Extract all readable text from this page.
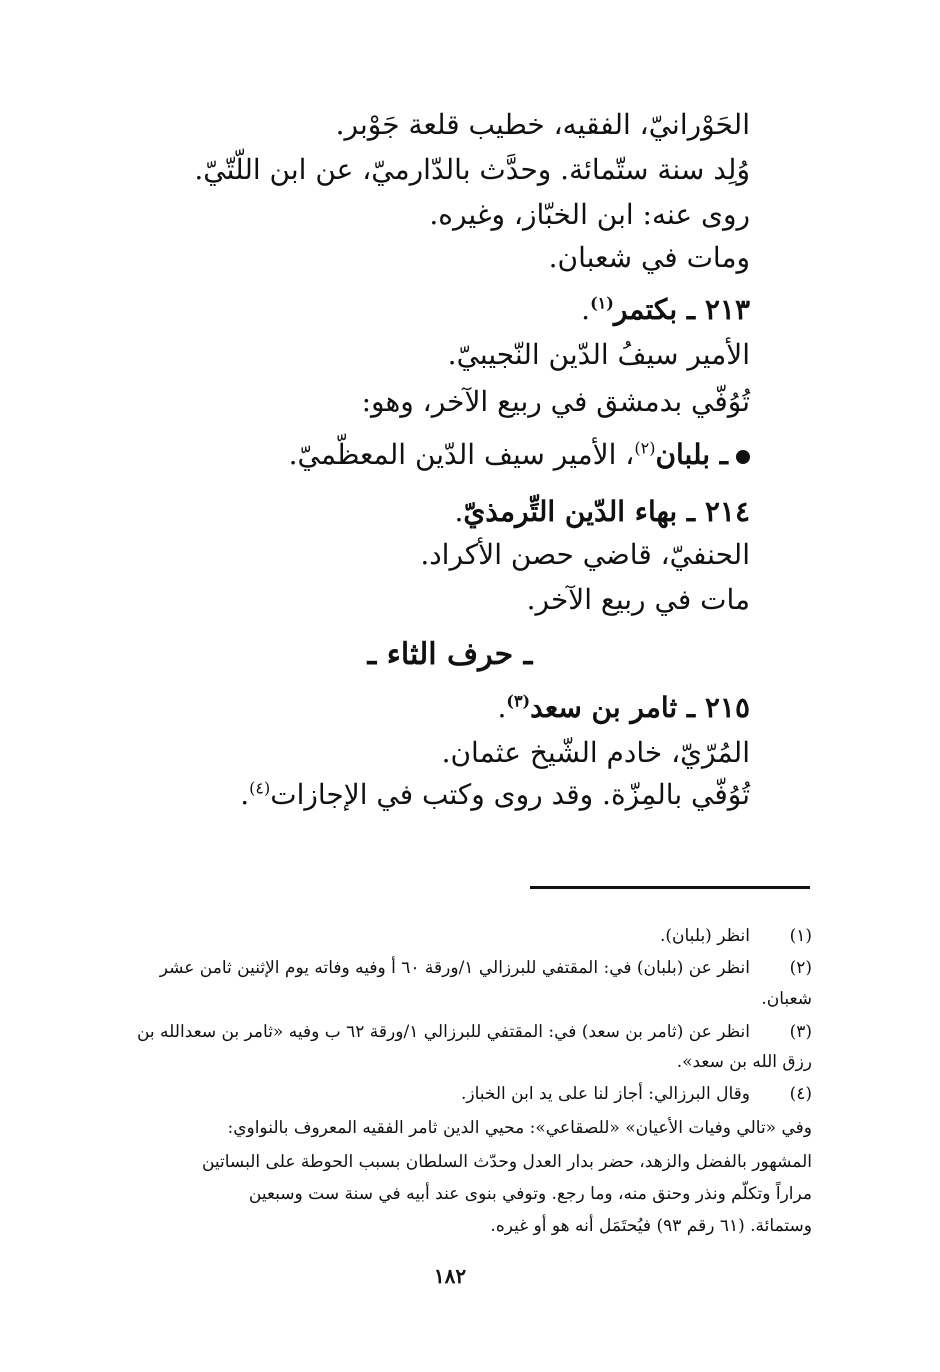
الحَوْرانيّ، الفقيه، خطيب قلعة جَوْبر.
وُلِد سنة ستّمائة. وحدَّث بالدّارميّ، عن ابن اللّتّيّ.
روى عنه: ابن الخبّاز، وغيره.
ومات في شعبان.
٢١٣ ـ بكتمر$^{(١)}$.
الأمير سيفُ الدّين النّجيبيّ.
تُوُفّي بدمشق في ربيع الآخر، وهو:
ـ بلبان$^{(٢)}$، الأمير سيف الدّين المعظّميّ.
٢١٤ ـ بهاء الدّين التِّرمذيّ.
الحنفيّ، قاضي حصن الأكراد.
مات في ربيع الآخر.
ـ حرف الثاء ـ
٢١٥ ـ ثامر بن سعد$^{(٣)}$.
المُرّيّ، خادم الشّيخ عثمان.
تُوُفّي بالمِزّة. وقد روى وكتب في الإجازات$^{(٤)}$.
(١)
انظر (بلبان).
(٢)
انظر عن (بلبان) في: المقتفي للبرزالي ١/ورقة ٦٠ أ وفيه وفاته يوم الإثنين ثامن عشر
شعبان.
(٣)
انظر عن (ثامر بن سعد) في: المقتفي للبرزالي ١/ورقة ٦٢ ب وفيه «ثامر بن سعدالله بن
رزق الله بن سعد».
(٤)
وقال البرزالي: أجاز لنا على يد ابن الخباز.
وفي «تالي وفيات الأعيان» «للصقاعي»: محيي الدين ثامر الفقيه المعروف بالنواوي:
المشهور بالفضل والزهد، حضر بدار العدل وحدّث السلطان بسبب الحوطة على البساتين
مراراً وتكلّم ونذر وحنق منه، وما رجع. وتوفي بنوى عند أبيه في سنة ست وسبعين
وستمائة. (٦١ رقم ٩٣) فيُحتَمَل أنه هو أو غيره.
١٨٢
